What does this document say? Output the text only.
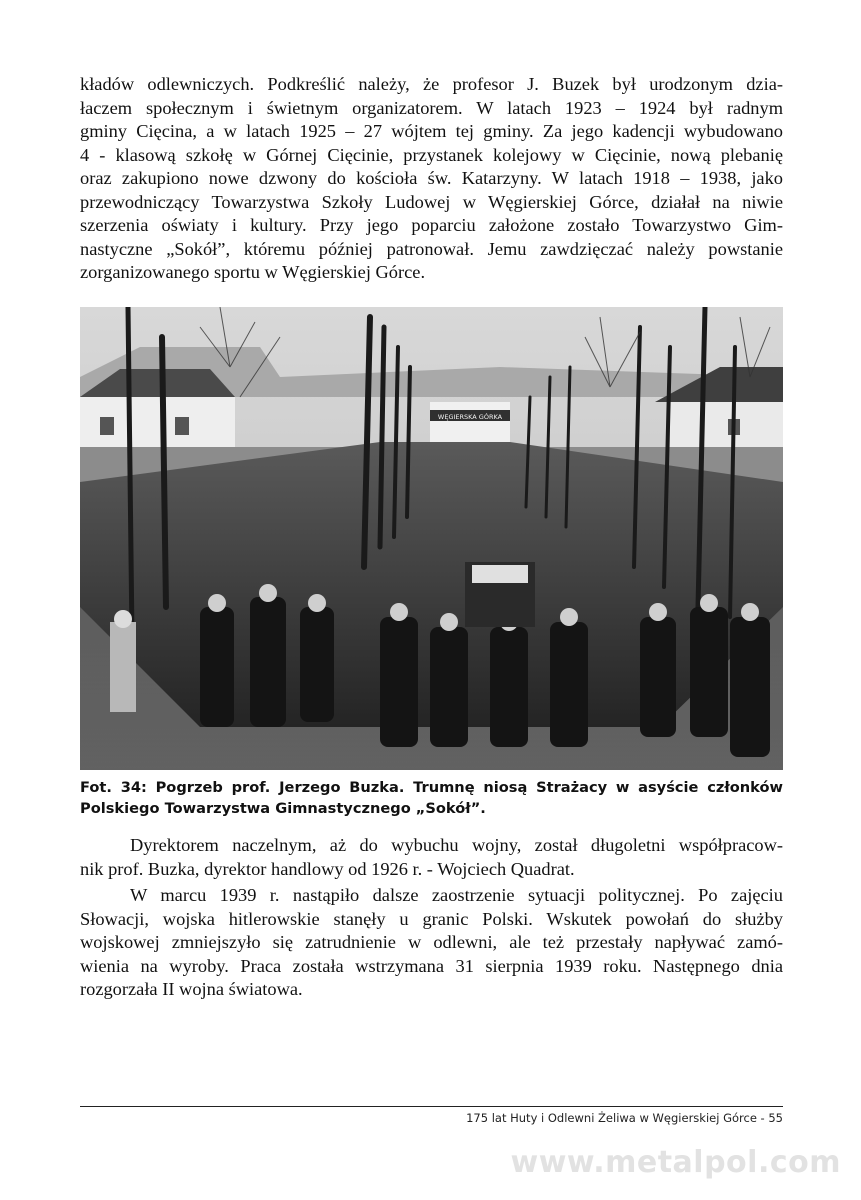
kładów odlewniczych. Podkreślić należy, że profesor J. Buzek był urodzonym dzia-
łaczem społecznym i świetnym organizatorem. W latach 1923 – 1924 był radnym
gminy Cięcina, a w latach 1925 – 27 wójtem tej gminy. Za jego kadencji wybudowano
4 - klasową szkołę w Górnej Cięcinie, przystanek kolejowy w Cięcinie, nową plebanię
oraz zakupiono nowe dzwony do kościoła św. Katarzyny. W latach 1918 – 1938, jako
przewodniczący Towarzystwa Szkoły Ludowej w Węgierskiej Górce, działał na niwie
szerzenia oświaty i kultury. Przy jego poparciu założone zostało Towarzystwo Gim-
nastyczne „Sokół”, któremu później patronował. Jemu zawdzięczać należy powstanie
zorganizowanego sportu w Węgierskiej Górce.
WĘGIERSKA GÓRKA
Fot. 34: Pogrzeb prof. Jerzego Buzka. Trumnę niosą Strażacy w asyście członków
Polskiego Towarzystwa Gimnastycznego „Sokół”.
Dyrektorem naczelnym, aż do wybuchu wojny, został długoletni współpracow-
nik prof. Buzka, dyrektor handlowy od 1926 r. - Wojciech Quadrat.
W marcu 1939 r. nastąpiło dalsze zaostrzenie sytuacji politycznej. Po zajęciu
Słowacji, wojska hitlerowskie stanęły u granic Polski. Wskutek powołań do służby
wojskowej zmniejszyło się zatrudnienie w odlewni, ale też przestały napływać zamó-
wienia na wyroby. Praca została wstrzymana 31 sierpnia 1939 roku. Następnego dnia
rozgorzała II wojna światowa.
175 lat Huty i Odlewni Żeliwa w Węgierskiej Górce - 55
www.metalpol.com
